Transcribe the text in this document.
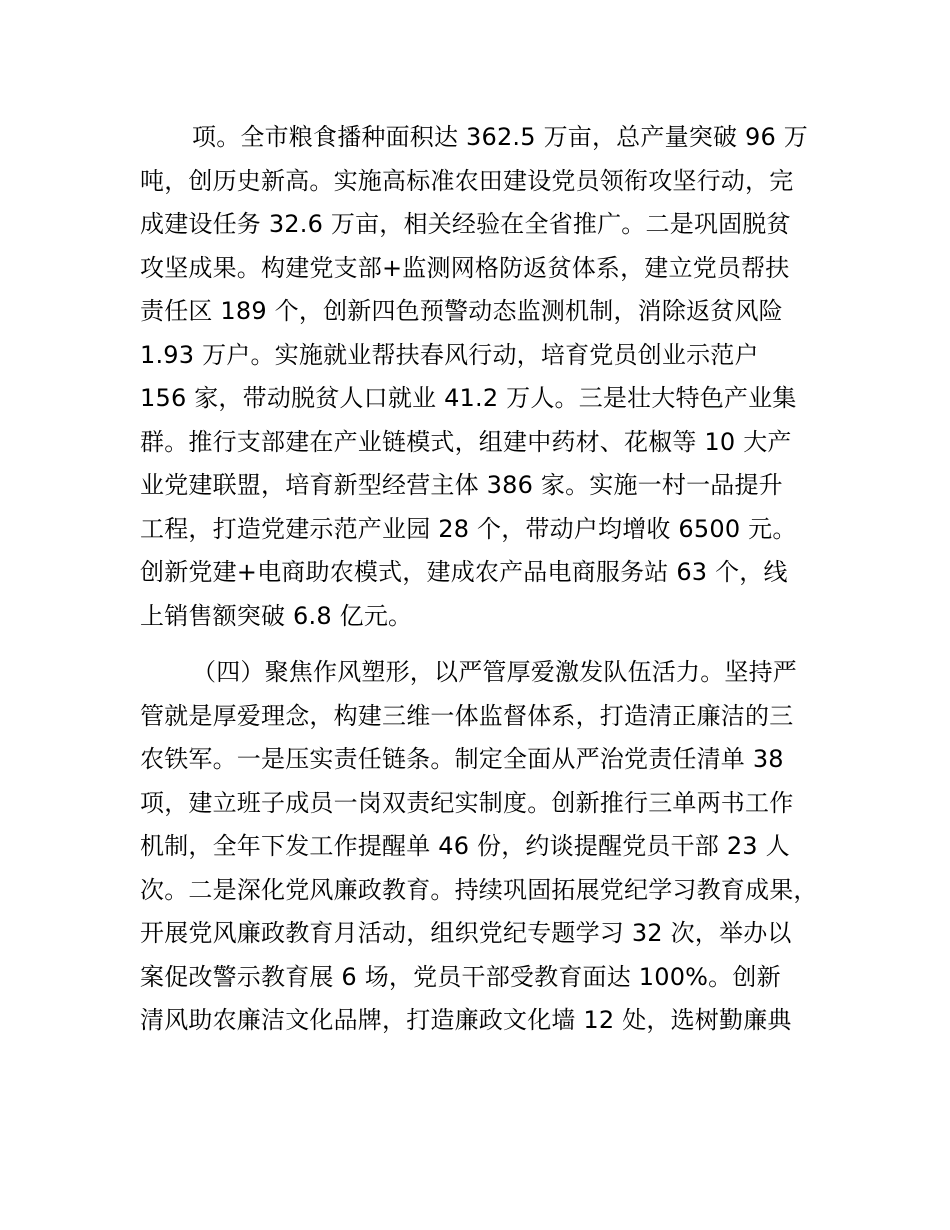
项。全市粮食播种面积达 362.5 万亩，总产量突破 96 万
吨，创历史新高。实施高标准农田建设党员领衔攻坚行动，完
成建设任务 32.6 万亩，相关经验在全省推广。二是巩固脱贫
攻坚成果。构建党支部+监测网格防返贫体系，建立党员帮扶
责任区 189 个，创新四色预警动态监测机制，消除返贫风险
1.93 万户。实施就业帮扶春风行动，培育党员创业示范户
156 家，带动脱贫人口就业 41.2 万人。三是壮大特色产业集
群。推行支部建在产业链模式，组建中药材、花椒等 10 大产
业党建联盟，培育新型经营主体 386 家。实施一村一品提升
工程，打造党建示范产业园 28 个，带动户均增收 6500 元。
创新党建+电商助农模式，建成农产品电商服务站 63 个，线
上销售额突破 6.8 亿元。

（四）聚焦作风塑形，以严管厚爱激发队伍活力。坚持严
管就是厚爱理念，构建三维一体监督体系，打造清正廉洁的三
农铁军。一是压实责任链条。制定全面从严治党责任清单 38
项，建立班子成员一岗双责纪实制度。创新推行三单两书工作
机制，全年下发工作提醒单 46 份，约谈提醒党员干部 23 人
次。二是深化党风廉政教育。持续巩固拓展党纪学习教育成果，
开展党风廉政教育月活动，组织党纪专题学习 32 次，举办以
案促改警示教育展 6 场，党员干部受教育面达 100%。创新
清风助农廉洁文化品牌，打造廉政文化墙 12 处，选树勤廉典
